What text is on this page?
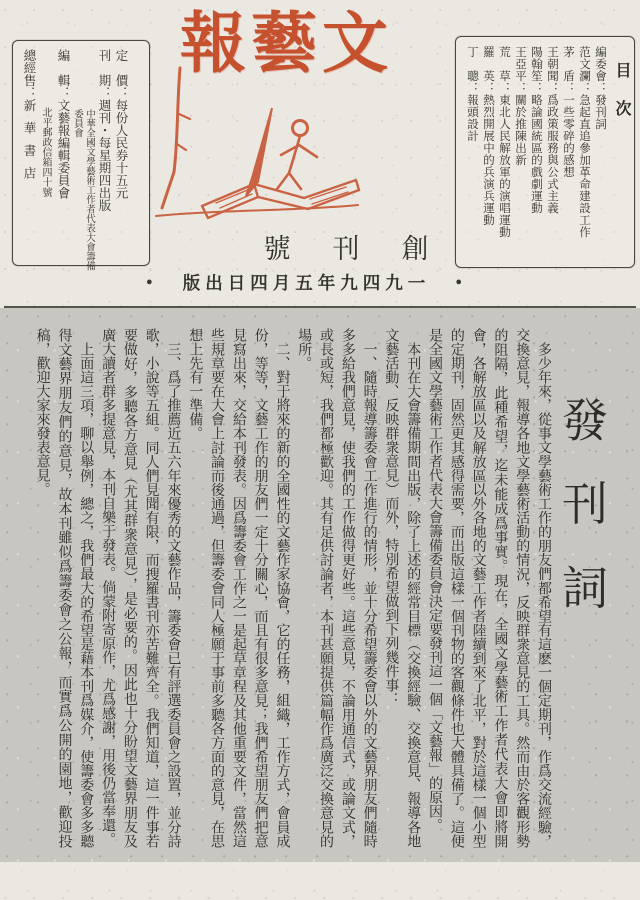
報藝文
號刊創
● 版出日四月五年九四九一 ●
目次
編委會：發刊詞
范文瀾：急起直追參加革命建設工作
茅　盾：一些零碎的感想
王朝聞：爲政策服務與公式主義
陽翰笙：略論國統區的戲劇運動
王亞平：關於推陳出新
荒　草：東北人民解放軍的演唱運動
羅　英：熱烈開展中的兵演兵運動
丁　聰：報頭設計
定　價：每份人民券十五元
刊　期：週刊・每星期四出版
中華全國文學藝術工作者代表大會籌備委員會
編　輯：文藝報編輯委員會
北平郵政信箱四十號
總經售：新華書店
發刊詞

多少年來，從事文學藝術工作的朋友們都希望有這麽一個定期刊，作爲交流經驗，交換意見，報導各地文學藝術活動的情況，反映群衆意見的工具。然而由於客觀形勢的阻隔，此種希望，迄未能成爲事實。現在，全國文學藝術工作者代表大會即將開會，各解放區以及解放區以外各地的文藝工作者陸續到來了北平，對於這樣一個小型的定期刊，固然更其感得需要，而出版這樣一個刊物的客觀條件也大體具備了。這便是全國文學藝術工作者代表大會籌備委員會決定要發刊這一個「文藝報」的原因。

本刊在大會籌備期間出版，除了上述的經常目標（交換經驗、交換意見、報導各地文藝活動、反映群衆意見）而外，特別希望做到下列幾件事：

一、隨時報導籌委會工作進行的情形，並十分希望籌委會以外的文藝界朋友們隨時多多給我們意見，使我們的工作做得更好些。這些意見，不論用通信式，或論文式，或長或短，我們都極歡迎。其有足供討論者，本刊甚願提供篇幅作爲廣泛交換意見的場所。

二、對于將來的新的全國性的文藝作家協會，它的任務，組織，工作方式，會員成份，等等，文藝工作的朋友們一定十分關心，而且有很多意見；我們希望朋友們把意見寫出來，交給本刊發表。因爲籌委會工作之一是起草章程及其他重要文件，當然這些規章要在大會上討論而後通過，但籌委會同人極願于事前多聽各方面的意見，在思想上先有一準備。

三、爲了推薦近五六年來優秀的文藝作品，籌委會已有評選委員會之設置，並分詩歌，小說等五組。同人們見聞有限，而搜羅書刊亦苦難齊全。我們知道，這一件事若要做好，多聽各方意見（尤其群衆意見），是必要的。因此也十分盼望文藝界朋友及廣大讀者群多提意見，本刊自樂于發表。倘蒙附寄原作，尤爲感謝，用後仍當奉還。

上面這三項，聊以舉例，總之，我們最大的希望是藉本刊爲媒介，使籌委會多多聽得文藝界朋友們的意見，故本刊雖似爲籌委會之公報，而實爲公開的園地，歡迎投稿，歡迎大家來發表意見。
